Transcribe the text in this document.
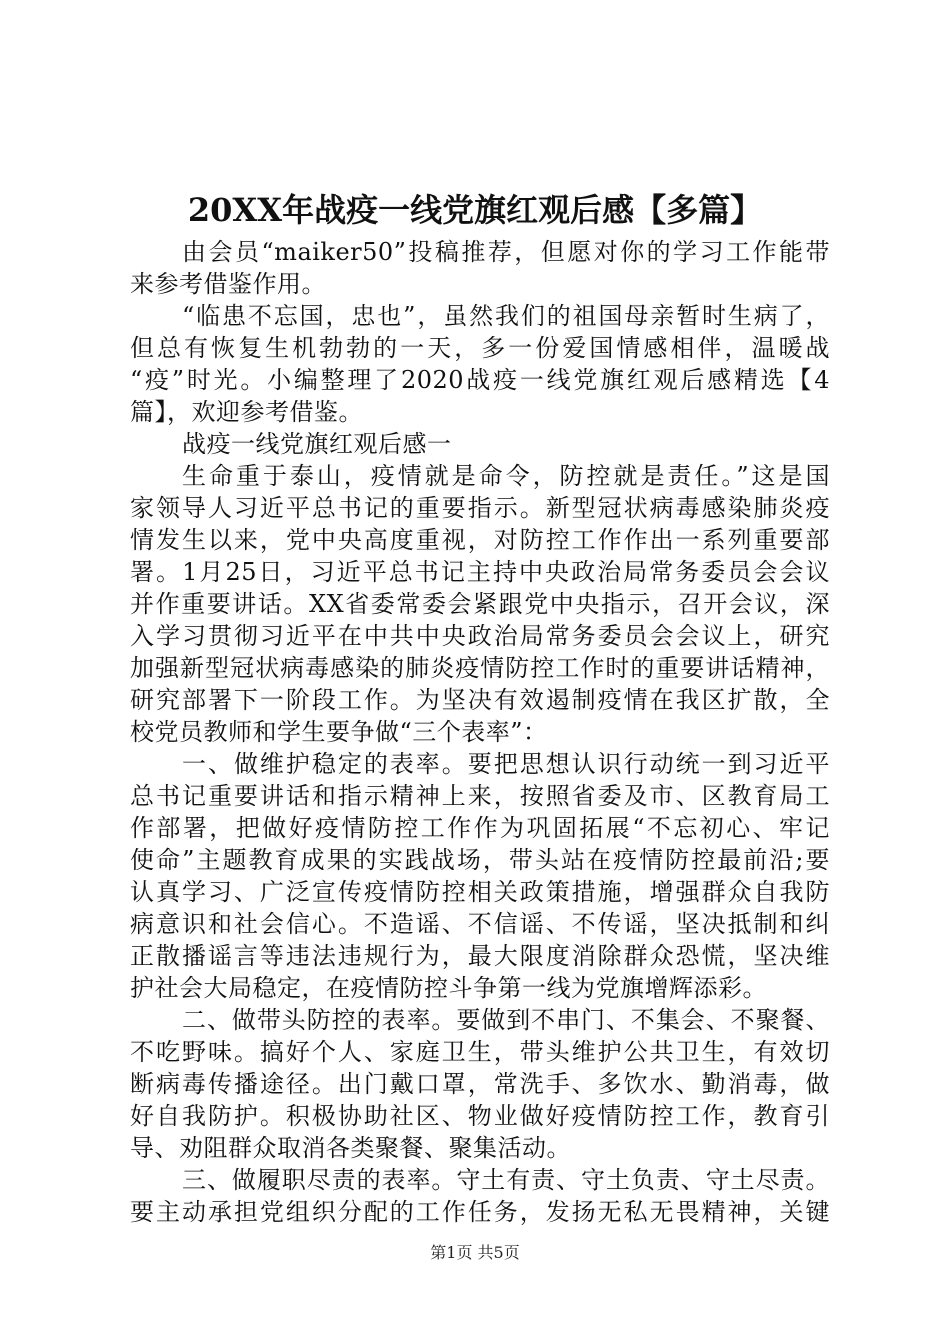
20XX年战疫一线党旗红观后感【多篇】
由会员“maiker50”投稿推荐，但愿对你的学习工作能带
来参考借鉴作用。
“临患不忘国，忠也”，虽然我们的祖国母亲暂时生病了，
但总有恢复生机勃勃的一天，多一份爱国情感相伴，温暖战
“疫”时光。小编整理了2020战疫一线党旗红观后感精选【4
篇】，欢迎参考借鉴。
战疫一线党旗红观后感一
生命重于泰山，疫情就是命令，防控就是责任。”这是国
家领导人习近平总书记的重要指示。新型冠状病毒感染肺炎疫
情发生以来，党中央高度重视，对防控工作作出一系列重要部
署。1月25日，习近平总书记主持中央政治局常务委员会会议
并作重要讲话。XX省委常委会紧跟党中央指示，召开会议，深
入学习贯彻习近平在中共中央政治局常务委员会会议上，研究
加强新型冠状病毒感染的肺炎疫情防控工作时的重要讲话精神，
研究部署下一阶段工作。为坚决有效遏制疫情在我区扩散，全
校党员教师和学生要争做“三个表率”：
一、做维护稳定的表率。要把思想认识行动统一到习近平
总书记重要讲话和指示精神上来，按照省委及市、区教育局工
作部署，把做好疫情防控工作作为巩固拓展“不忘初心、牢记
使命”主题教育成果的实践战场，带头站在疫情防控最前沿;要
认真学习、广泛宣传疫情防控相关政策措施，增强群众自我防
病意识和社会信心。不造谣、不信谣、不传谣，坚决抵制和纠
正散播谣言等违法违规行为，最大限度消除群众恐慌，坚决维
护社会大局稳定，在疫情防控斗争第一线为党旗增辉添彩。
二、做带头防控的表率。要做到不串门、不集会、不聚餐、
不吃野味。搞好个人、家庭卫生，带头维护公共卫生，有效切
断病毒传播途径。出门戴口罩，常洗手、多饮水、勤消毒，做
好自我防护。积极协助社区、物业做好疫情防控工作，教育引
导、劝阻群众取消各类聚餐、聚集活动。
三、做履职尽责的表率。守土有责、守土负责、守土尽责。
要主动承担党组织分配的工作任务，发扬无私无畏精神，关键
第1页 共5页
